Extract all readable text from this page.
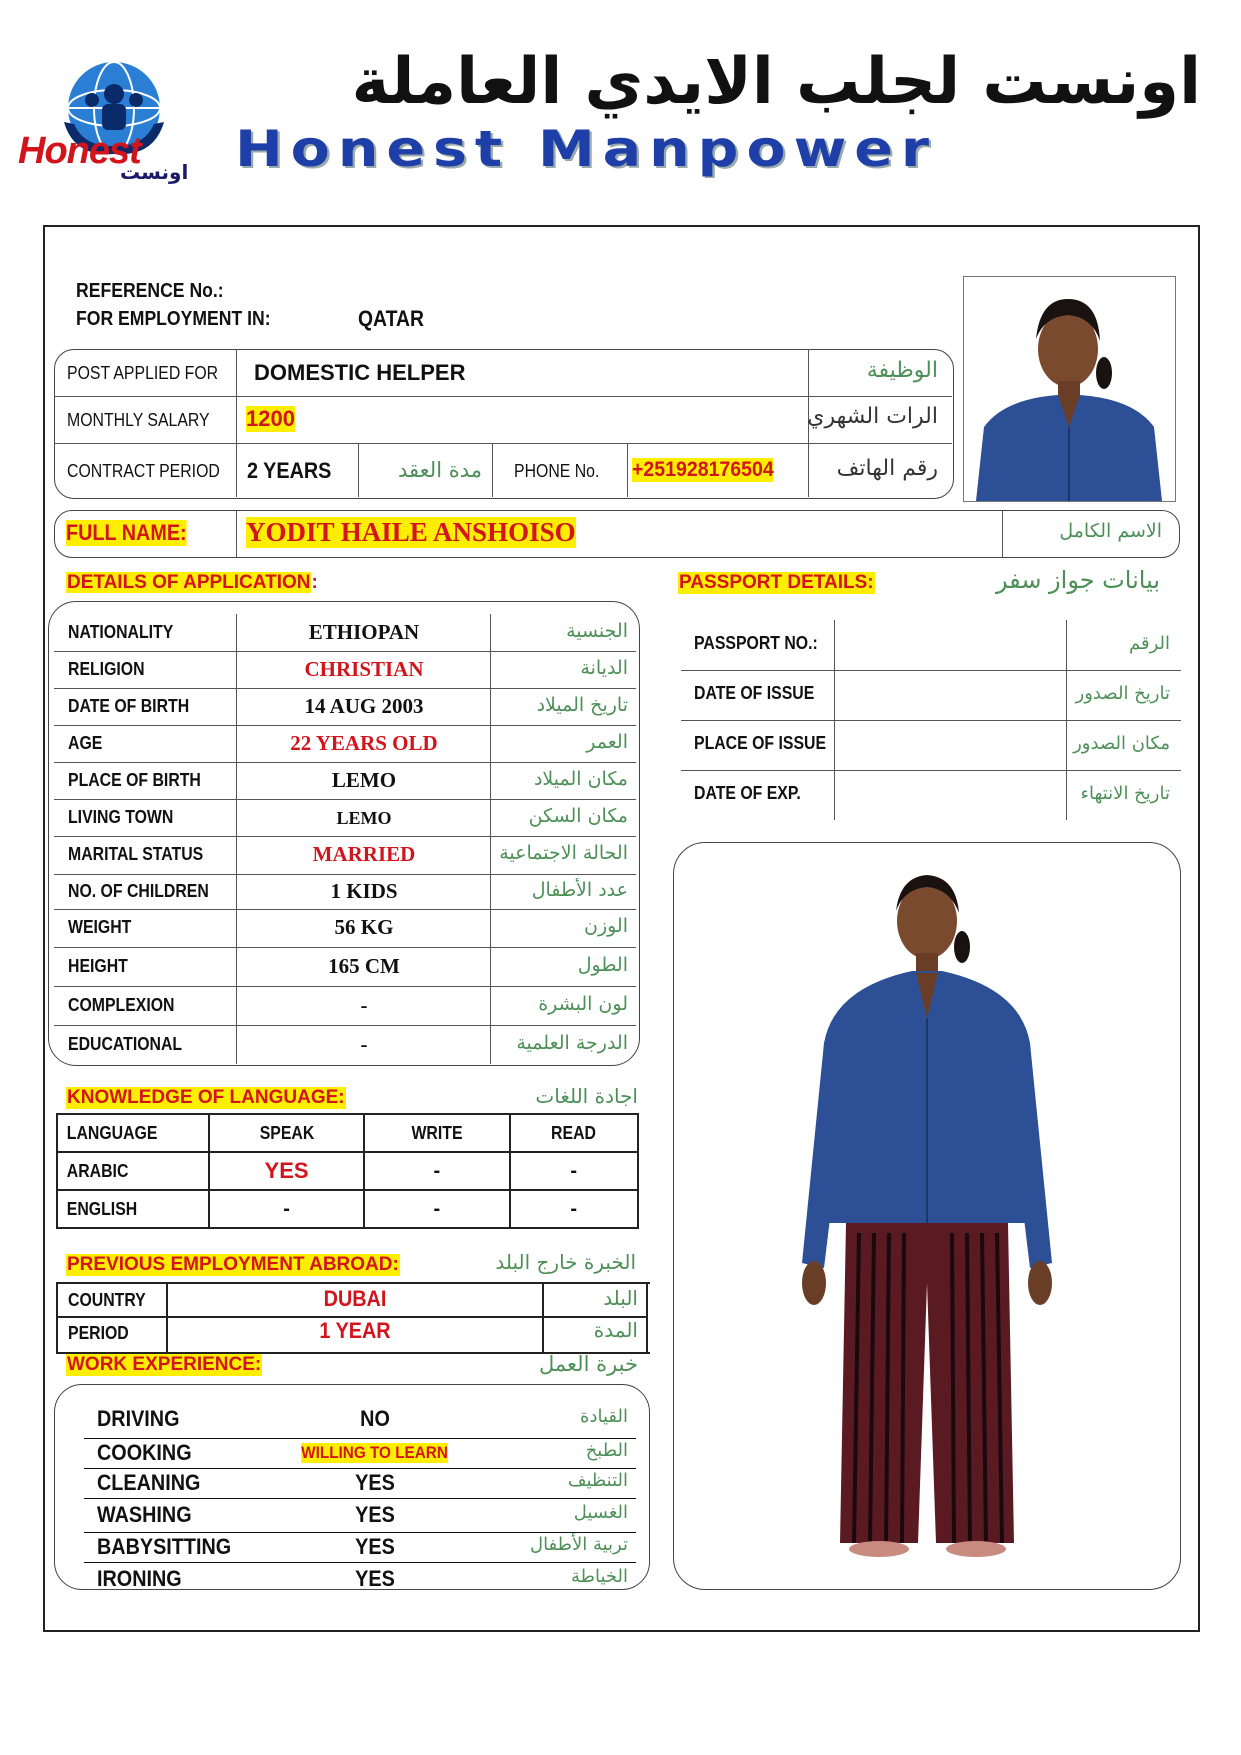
Honest
اونست
اونست لجلب الايدي العاملة
Honest Manpower
REFERENCE No.:
FOR EMPLOYMENT IN:	QATAR
POST APPLIED FOR DOMESTIC HELPER	الوظيفة
MONTHLY SALARY 1200	الرات الشهري
CONTRACT PERIOD 2 YEARS	مدة العقد PHONE No. +251928176504	رقم الهاتف
FULL NAME: YODIT HAILE ANSHOISO	الاسم الكامل
DETAILS OF APPLICATION:
NATIONALITY	ETHIOPAN	الجنسية
RELIGION	CHRISTIAN	الديانة
DATE OF BIRTH	14 AUG 2003	تاريخ الميلاد
AGE	22 YEARS OLD	العمر
PLACE OF BIRTH	LEMO	مكان الميلاد
LIVING TOWN	LEMO	مكان السكن
MARITAL STATUS	MARRIED	الحالة الاجتماعية
NO. OF CHILDREN	1 KIDS	عدد الأطفال
WEIGHT	56 KG	الوزن
HEIGHT	165 CM	الطول
COMPLEXION	-	لون البشرة
EDUCATIONAL	-	الدرجة العلمية
PASSPORT DETAILS:	بيانات جواز سفر
PASSPORT NO.:	الرقم
DATE OF ISSUE	تاريخ الصدور
PLACE OF ISSUE	مكان الصدور
DATE OF EXP.	تاريخ الانتهاء
KNOWLEDGE OF LANGUAGE:	اجادة اللغات
LANGUAGE	SPEAK	WRITE	READ
ARABIC	YES	-	-
ENGLISH	-	-	-
PREVIOUS EMPLOYMENT ABROAD:	الخبرة خارج البلد
COUNTRY	DUBAI	البلد
PERIOD	1 YEAR	المدة
WORK EXPERIENCE:	خبرة العمل
DRIVING	NO	القيادة
COOKING	WILLING TO LEARN	الطبخ
CLEANING	YES	التنظيف
WASHING	YES	الغسيل
BABYSITTING	YES	تربية الأطفال
IRONING	YES	الخياطة
